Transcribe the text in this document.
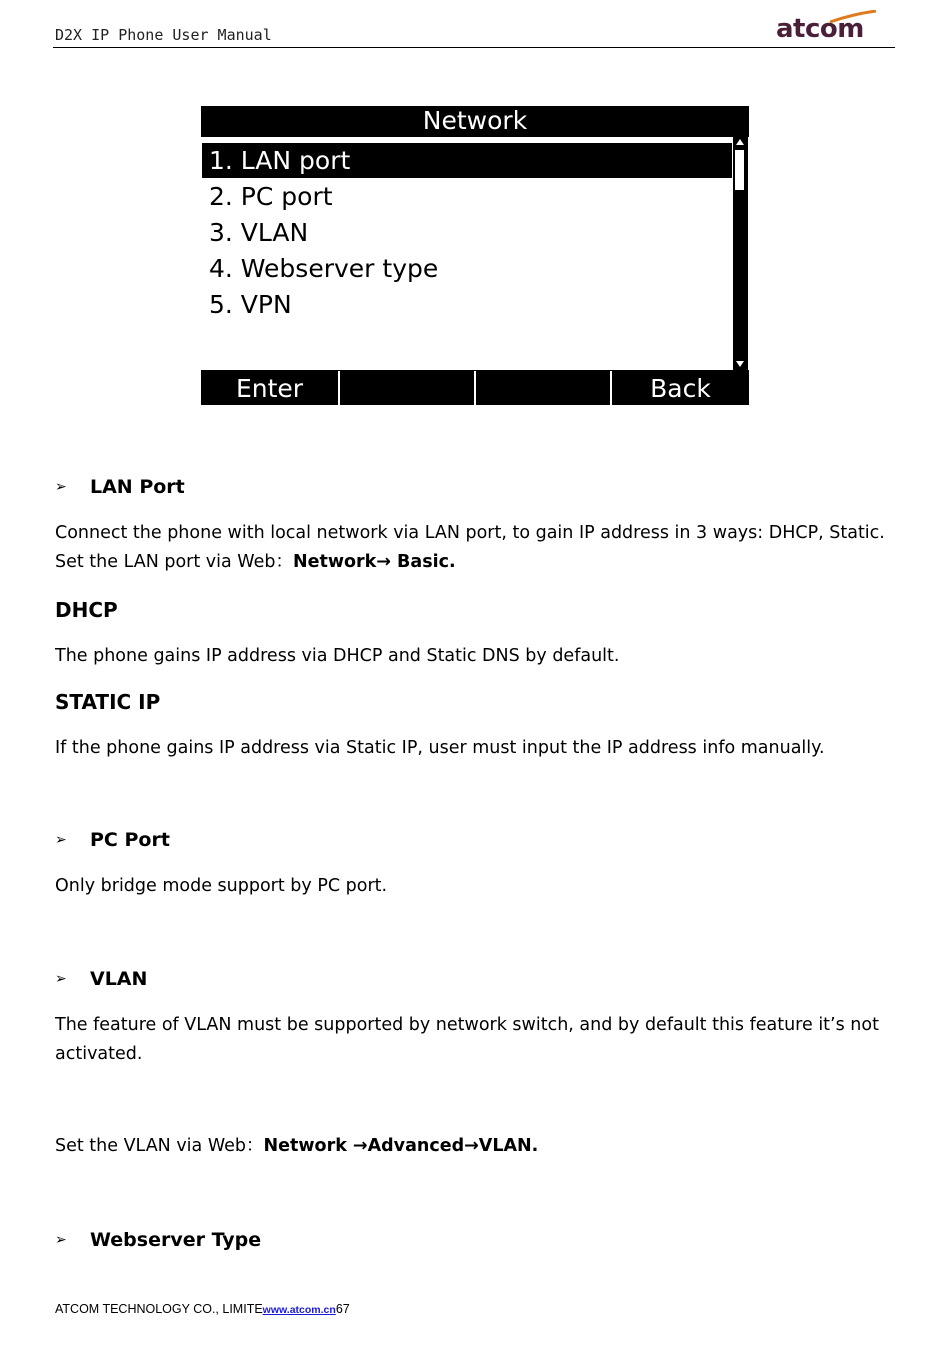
D2X IP Phone User Manual	atcom
Network
1. LAN port
2. PC port
3. VLAN
4. Webserver type
5. VPN
Enter	Back
➢ LAN Port
Connect the phone with local network via LAN port, to gain IP address in 3 ways: DHCP, Static.
Set the LAN port via Web：Network→ Basic.
DHCP
The phone gains IP address via DHCP and Static DNS by default.
STATIC IP
If the phone gains IP address via Static IP, user must input the IP address info manually.
➢ PC Port
Only bridge mode support by PC port.
➢ VLAN
The feature of VLAN must be supported by network switch, and by default this feature it’s not
activated.
Set the VLAN via Web：Network →Advanced→VLAN.
➢ Webserver Type
ATCOM TECHNOLOGY CO., LIMITEwww.atcom.cn67
